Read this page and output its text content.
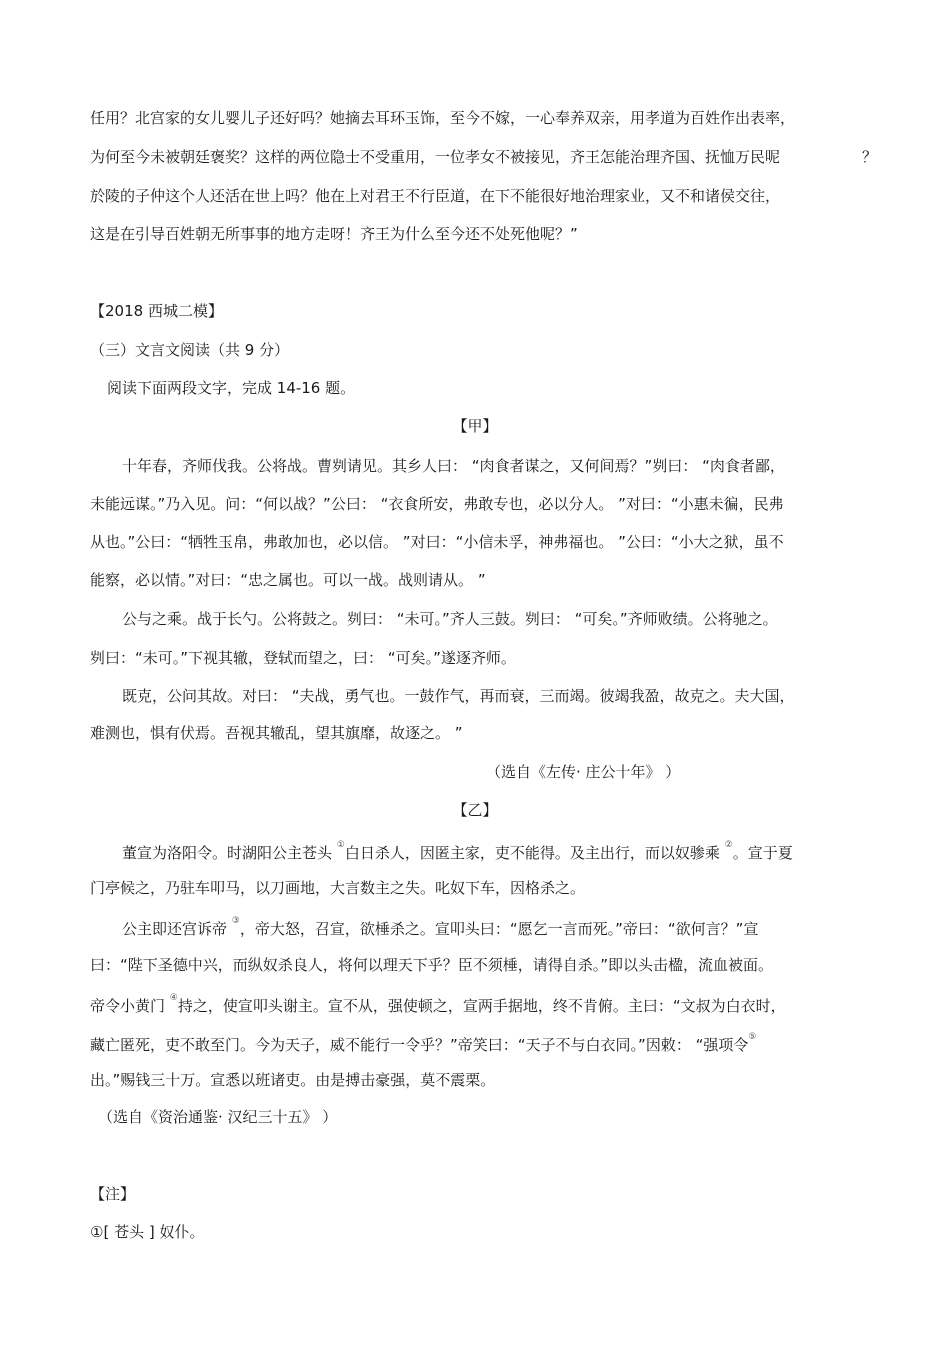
任用？北宫家的女儿婴儿子还好吗？她摘去耳环玉饰，至今不嫁，一心奉养双亲，用孝道为百姓作出表率，
为何至今未被朝廷褒奖？这样的两位隐士不受重用，一位孝女不被接见，齐王怎能治理齐国、抚恤万民呢	？
於陵的子仲这个人还活在世上吗？他在上对君王不行臣道，在下不能很好地治理家业，又不和诸侯交往，
这是在引导百姓朝无所事事的地方走呀！齐王为什么至今还不处死他呢？”
【2018 西城二模】
（三）文言文阅读（共 9 分）
阅读下面两段文字，完成 14-16 题。
【甲】
十年春，齐师伐我。公将战。曹刿请见。其乡人曰： “肉食者谋之，又何间焉？”刿曰： “肉食者鄙，
未能远谋。”乃入见。问：“何以战？”公曰： “衣食所安，弗敢专也，必以分人。 ”对曰：“小惠未徧，民弗
从也。”公曰：“牺牲玉帛，弗敢加也，必以信。 ”对曰：“小信未孚，神弗福也。 ”公曰：“小大之狱，虽不
能察，必以情。”对曰：“忠之属也。可以一战。战则请从。 ”
公与之乘。战于长勺。公将鼓之。刿曰： “未可。”齐人三鼓。刿曰： “可矣。”齐师败绩。公将驰之。
刿曰：“未可。”下视其辙，登轼而望之，曰： “可矣。”遂逐齐师。
既克，公问其故。对曰： “夫战，勇气也。一鼓作气，再而衰，三而竭。彼竭我盈，故克之。夫大国，
难测也，惧有伏焉。吾视其辙乱，望其旗靡，故逐之。 ”
（选自《左传· 庄公十年》 ）
【乙】
董宣为洛阳令。时湖阳公主苍头 ①白日杀人，因匿主家，吏不能得。及主出行，而以奴骖乘 ②。宣于夏
门亭候之，乃驻车叩马，以刀画地，大言数主之失。叱奴下车，因格杀之。
公主即还宫诉帝 ③，帝大怒，召宣，欲棰杀之。宣叩头曰：“愿乞一言而死。”帝曰：“欲何言？”宣
曰：“陛下圣德中兴，而纵奴杀良人，将何以理天下乎？臣不须棰，请得自杀。”即以头击楹，流血被面。
帝令小黄门 ④持之，使宣叩头谢主。宣不从，强使顿之，宣两手据地，终不肯俯。主曰：“文叔为白衣时，
藏亡匿死，吏不敢至门。今为天子，威不能行一令乎？”帝笑曰：“天子不与白衣同。”因敕： “强项令⑤
出。”赐钱三十万。宣悉以班诸吏。由是搏击豪强，莫不震栗。
（选自《资治通鉴· 汉纪三十五》 ）
【注】
①[ 苍头 ] 奴仆。
